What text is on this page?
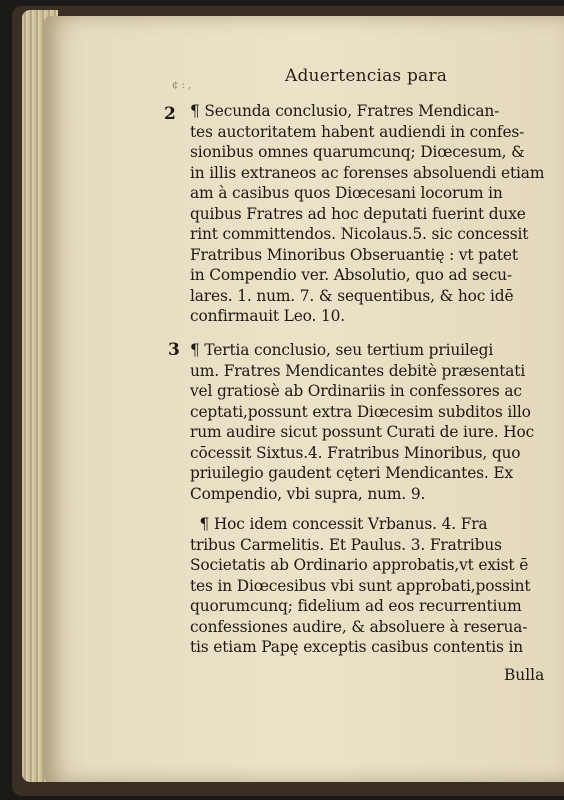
¢ : ,	Aduertencias para
2 ¶ Secunda conclusio, Fratres Mendican-
tes auctoritatem habent audiendi in confes-
sionibus omnes quarumcunq; Diœcesum, &
in illis extraneos ac forenses absoluendi etiam
am à casibus quos Diœcesani locorum in
quibus Fratres ad hoc deputati fuerint duxe
rint committendos. Nicolaus.5. sic concessit
Fratribus Minoribus Obseruantię : vt patet
in Compendio ver. Absolutio, quo ad secu-
lares. 1. num. 7. & sequentibus, & hoc idē
confirmauit Leo. 10.
3 ¶ Tertia conclusio, seu tertium priuilegi
um. Fratres Mendicantes debitè præsentati
vel gratiosè ab Ordinariis in confessores ac
ceptati,possunt extra Diœcesim subditos illo
rum audire sicut possunt Curati de iure. Hoc
cōcessit Sixtus.4. Fratribus Minoribus, quo
priuilegio gaudent cęteri Mendicantes. Ex
Compendio, vbi supra, num. 9.
¶ Hoc idem concessit Vrbanus. 4. Fra
tribus Carmelitis. Et Paulus. 3. Fratribus
Societatis ab Ordinario approbatis,vt exist ē
tes in Diœcesibus vbi sunt approbati,possint
quorumcunq; fidelium ad eos recurrentium
confessiones audire, & absoluere à reserua-
tis etiam Papę exceptis casibus contentis in
Bulla
